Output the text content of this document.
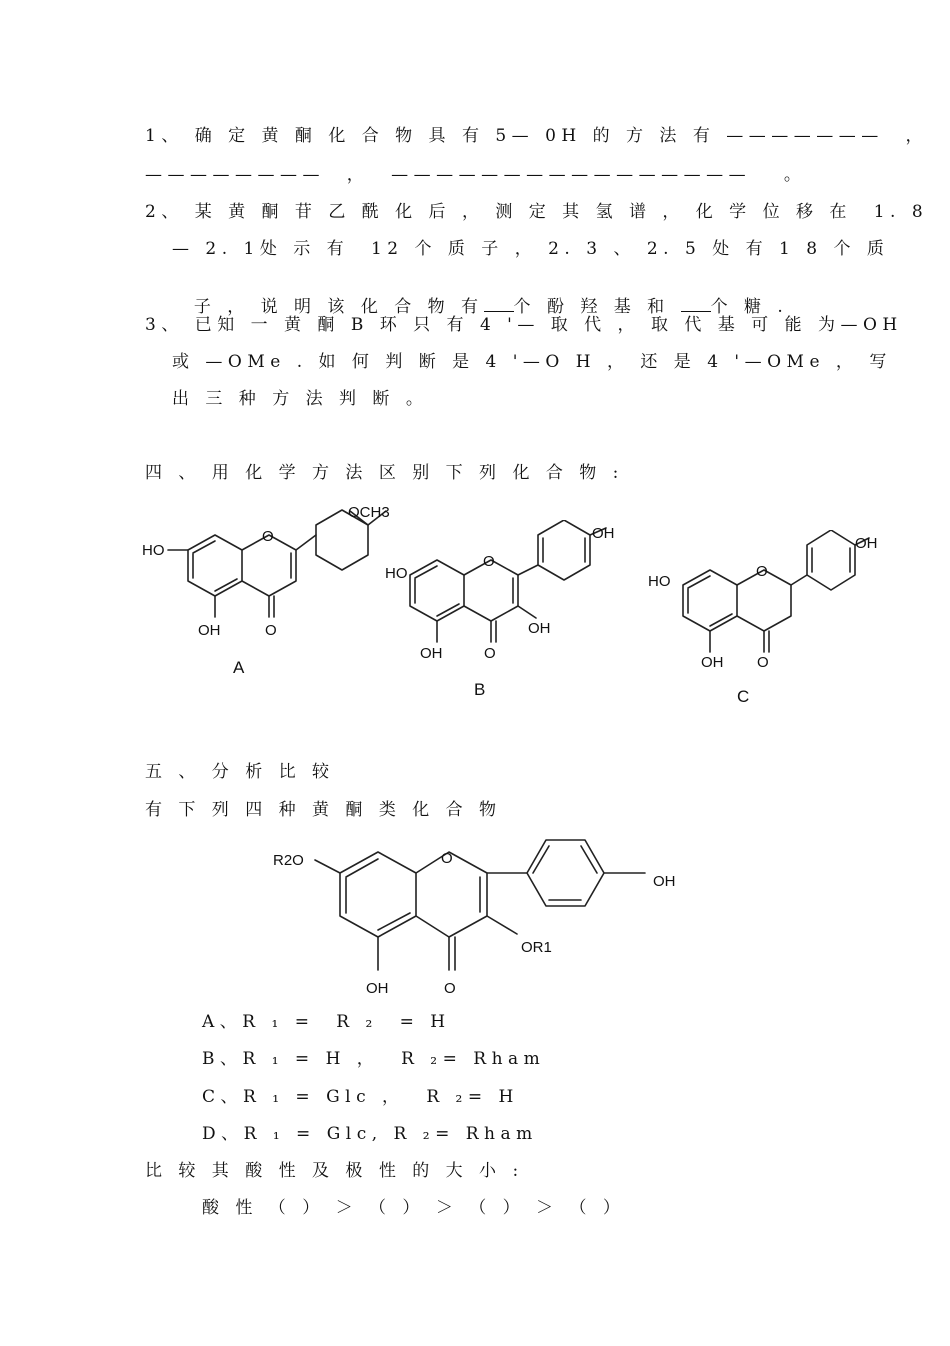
1、 确 定 黄 酮 化 合 物 具 有 5— 0H 的 方 法 有 ———————  ，
————————  ，  ————————————————   。
2、 某 黄 酮 苷 乙 酰 化 后 ， 测 定 其 氢 谱 ， 化 学 位 移 在  1. 8
— 2. 1处 示 有  12 个 质 子 ， 2. 3 、 2. 5 处 有 1 8 个 质

子 ， 说 明 该 化 合 物 有 个 酚 羟 基 和 个 糖 .

3、 已知 一 黄 酮 B 环 只 有 4 '— 取 代 ， 取 代 基 可 能 为—OH
或 —OMe . 如 何 判 断 是 4 '—O H ， 还 是 4 '—OMe ， 写
出 三 种 方 法 判 断 。
四 、 用 化 学 方 法 区 别 下 列 化 合 物 :
HO
O
OH	O
OCH3
A
HO
O
OH	O
OH
OH
B
HO
O
OH O
OH
C
五 、 分 析 比 较
有 下 列 四 种 黄 酮 类 化 合 物
R2O	O
OH
OR1
OH	O
A、R ₁ =  R ₂  = H
B、R ₁ = H ，  R ₂= Rham
C、R ₁ = Glc ，  R ₂= H
D、R ₁ = Glc, R ₂= Rham
比 较 其 酸 性 及 极 性 的 大 小 :
酸 性 （ ） ＞ （ ） ＞ （ ） ＞ （ ）
